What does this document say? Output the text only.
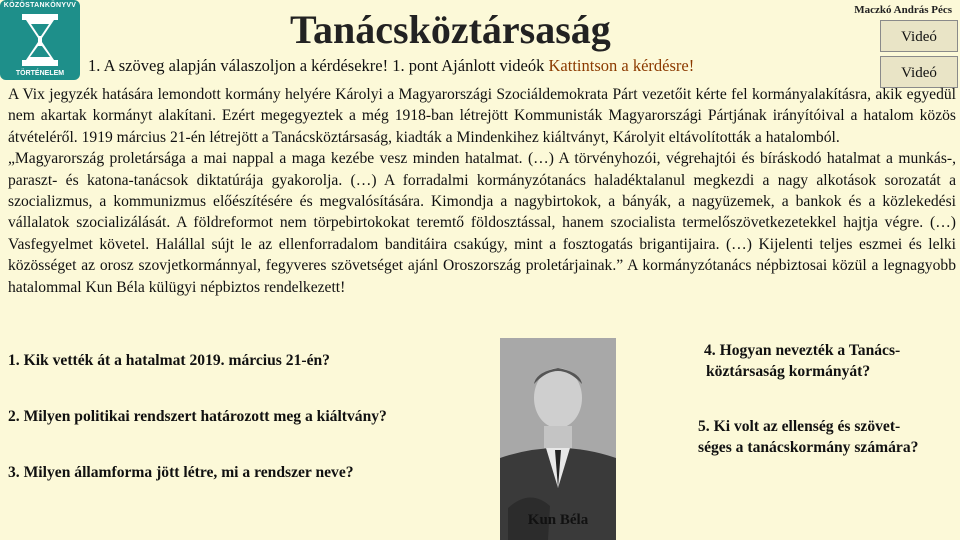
KÖZÖSTANKÖNYVV
TÖRTÉNELEM
Tanácsköztársaság	Maczkó András Pécs
Videó
Videó
1. A szöveg alapján válaszoljon a kérdésekre! 1. pont Ajánlott videók Kattintson a kérdésre!

A Vix jegyzék hatására lemondott kormány helyére Károlyi a Magyarországi Szociáldemokrata Párt vezetőit kérte fel kormányalakításra, akik egyedül nem akartak kormányt alakítani. Ezért megegyeztek a még 1918-ban létrejött Kommunisták Magyarországi Pártjának irányítóival a hatalom közös átvételéről. 1919 március 21-én létrejött a Tanácsköztársaság, kiadták a Mindenkihez kiáltványt, Károlyit eltávolították a hatalomból.

„Magyarország proletársága a mai nappal a maga kezébe vesz minden hatalmat. (…) A törvényhozói, végrehajtói és bíráskodó hatalmat a munkás-, paraszt- és katona-tanácsok diktatúrája gyakorolja. (…) A forradalmi kormányzótanács haladéktalanul megkezdi a nagy alkotások sorozatát a szocializmus, a kommunizmus előészítésére és megvalósítására. Kimondja a nagybirtokok, a bányák, a nagyüzemek, a bankok és a közlekedési vállalatok szocializálását. A földreformot nem törpebirtokokat teremtő földosztással, hanem szocialista termelőszövetkezetekkel hajtja végre. (…) Vasfegyelmet követel. Halállal sújt le az ellenforradalom banditáira csakúgy, mint a fosztogatás brigantijaira. (…) Kijelenti teljes eszmei és lelki közösséget az orosz szovjetkormánnyal, fegyveres szövetséget ajánl Oroszország proletárjainak.” A kormányzótanács népbiztosai közül a legnagyobb hatalommal Kun Béla külügyi népbiztos rendelkezett!

1. Kik vették át a hatalmat 2019. március 21-én?
2. Milyen politikai rendszert határozott meg a kiáltvány?
3. Milyen államforma jött létre, mi a rendszer neve?
4. Hogyan nevezték a Tanács-
köztársaság kormányát?
5. Ki volt az ellenség és szövet-
séges a tanácskormány számára?
Kun Béla
